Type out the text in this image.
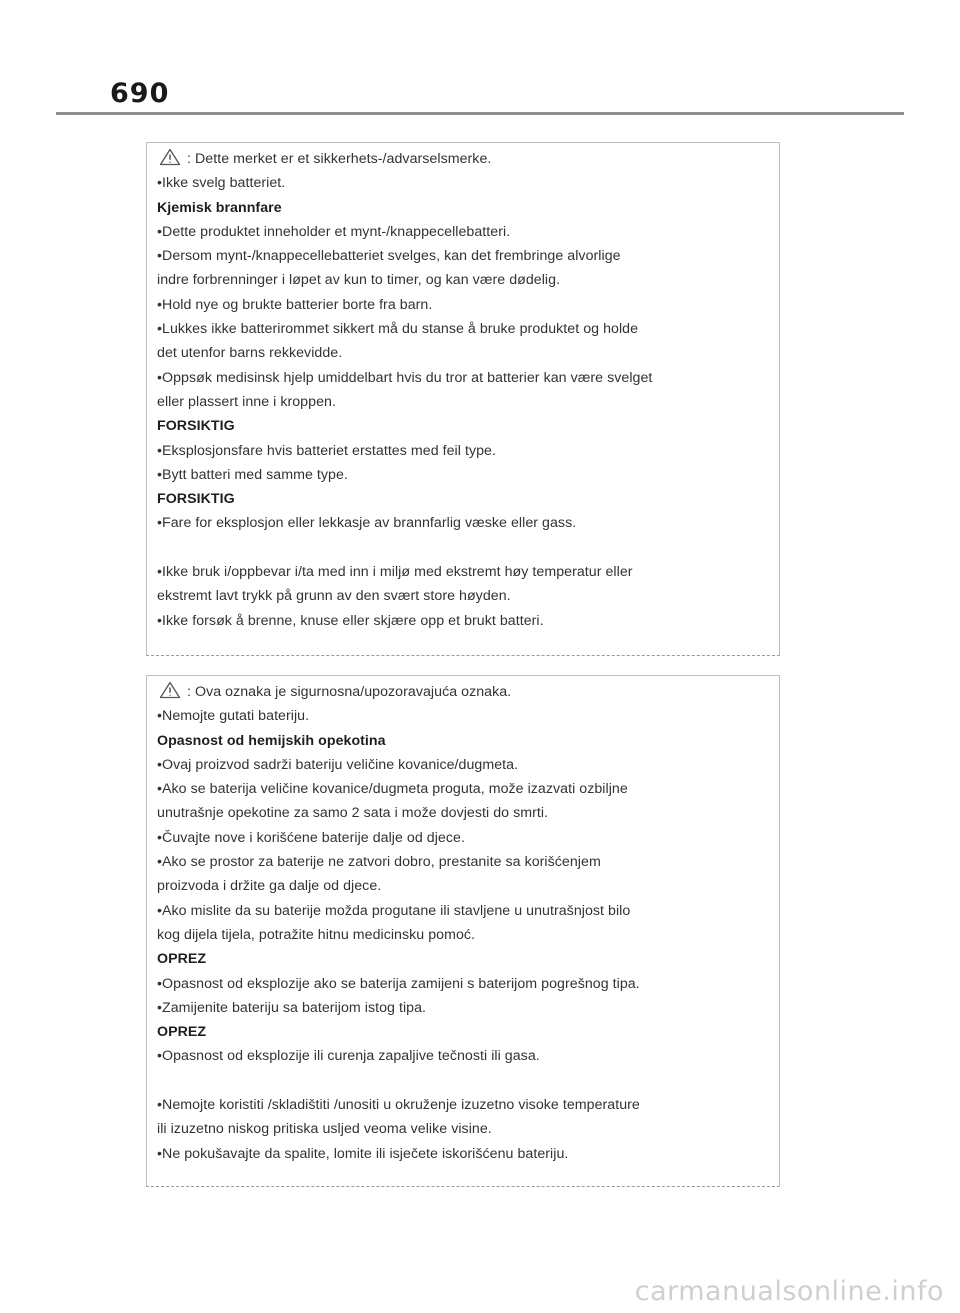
690
: Dette merket er et sikkerhets-/advarselsmerke.
•Ikke svelg batteriet.
Kjemisk brannfare
•Dette produktet inneholder et mynt-/knappecellebatteri.
•Dersom mynt-/knappecellebatteriet svelges, kan det frembringe alvorlige
indre forbrenninger i løpet av kun to timer, og kan være dødelig.
•Hold nye og brukte batterier borte fra barn.
•Lukkes ikke batterirommet sikkert må du stanse å bruke produktet og holde
det utenfor barns rekkevidde.
•Oppsøk medisinsk hjelp umiddelbart hvis du tror at batterier kan være svelget
eller plassert inne i kroppen.
FORSIKTIG
•Eksplosjonsfare hvis batteriet erstattes med feil type.
•Bytt batteri med samme type.
FORSIKTIG
•Fare for eksplosjon eller lekkasje av brannfarlig væske eller gass.
•Ikke bruk i/oppbevar i/ta med inn i miljø med ekstremt høy temperatur eller
ekstremt lavt trykk på grunn av den svært store høyden.
•Ikke forsøk å brenne, knuse eller skjære opp et brukt batteri.
: Ova oznaka je sigurnosna/upozoravajuća oznaka.
•Nemojte gutati bateriju.
Opasnost od hemijskih opekotina
•Ovaj proizvod sadrži bateriju veličine kovanice/dugmeta.
•Ako se baterija veličine kovanice/dugmeta proguta, može izazvati ozbiljne
unutrašnje opekotine za samo 2 sata i može dovjesti do smrti.
•Čuvajte nove i korišćene baterije dalje od djece.
•Ako se prostor za baterije ne zatvori dobro, prestanite sa korišćenjem
proizvoda i držite ga dalje od djece.
•Ako mislite da su baterije možda progutane ili stavljene u unutrašnjost bilo
kog dijela tijela, potražite hitnu medicinsku pomoć.
OPREZ
•Opasnost od eksplozije ako se baterija zamijeni s baterijom pogrešnog tipa.
•Zamijenite bateriju sa baterijom istog tipa.
OPREZ
•Opasnost od eksplozije ili curenja zapaljive tečnosti ili gasa.
•Nemojte koristiti /skladištiti /unositi u okruženje izuzetno visoke temperature
ili izuzetno niskog pritiska usljed veoma velike visine.
•Ne pokušavajte da spalite, lomite ili isječete iskorišćenu bateriju.
carmanualsonline.info
